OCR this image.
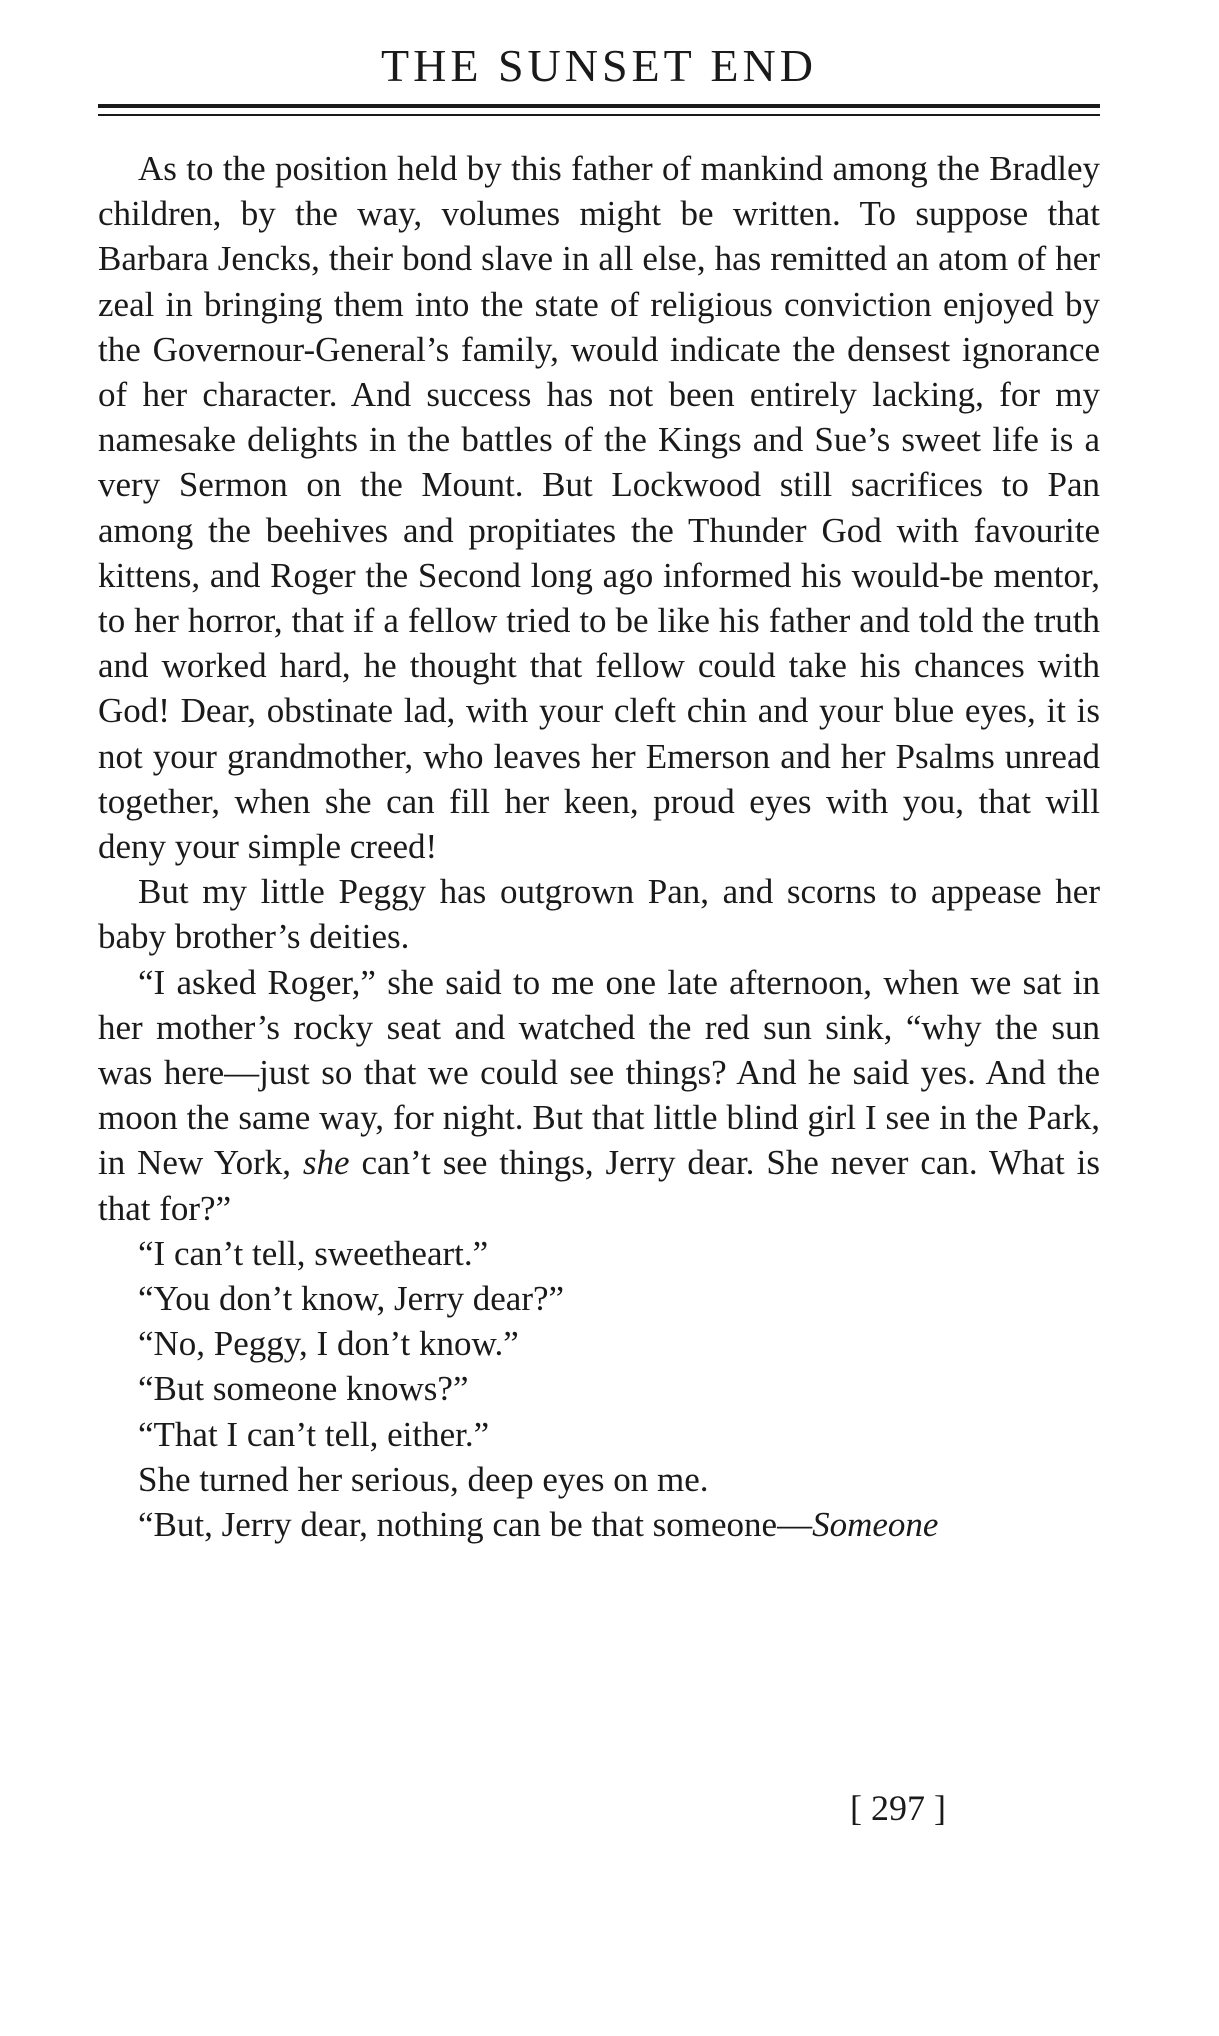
THE SUNSET END

As to the position held by this father of mankind among the Bradley children, by the way, volumes might be written. To suppose that Barbara Jencks, their bond slave in all else, has remitted an atom of her zeal in bringing them into the state of religious conviction enjoyed by the Governour-General’s family, would indicate the densest ignorance of her character. And success has not been entirely lacking, for my namesake delights in the battles of the Kings and Sue’s sweet life is a very Sermon on the Mount. But Lockwood still sacrifices to Pan among the beehives and propitiates the Thunder God with favourite kittens, and Roger the Second long ago informed his would-be mentor, to her horror, that if a fellow tried to be like his father and told the truth and worked hard, he thought that fellow could take his chances with God! Dear, obstinate lad, with your cleft chin and your blue eyes, it is not your grandmother, who leaves her Emerson and her Psalms unread together, when she can fill her keen, proud eyes with you, that will deny your simple creed!

But my little Peggy has outgrown Pan, and scorns to appease her baby brother’s deities.

“I asked Roger,” she said to me one late afternoon, when we sat in her mother’s rocky seat and watched the red sun sink, “why the sun was here—just so that we could see things? And he said yes. And the moon the same way, for night. But that little blind girl I see in the Park, in New York, she can’t see things, Jerry dear. She never can. What is that for?”

“I can’t tell, sweetheart.”

“You don’t know, Jerry dear?”

“No, Peggy, I don’t know.”

“But someone knows?”

“That I can’t tell, either.”

She turned her serious, deep eyes on me.

“But, Jerry dear, nothing can be that someone—Someone

[ 297 ]
